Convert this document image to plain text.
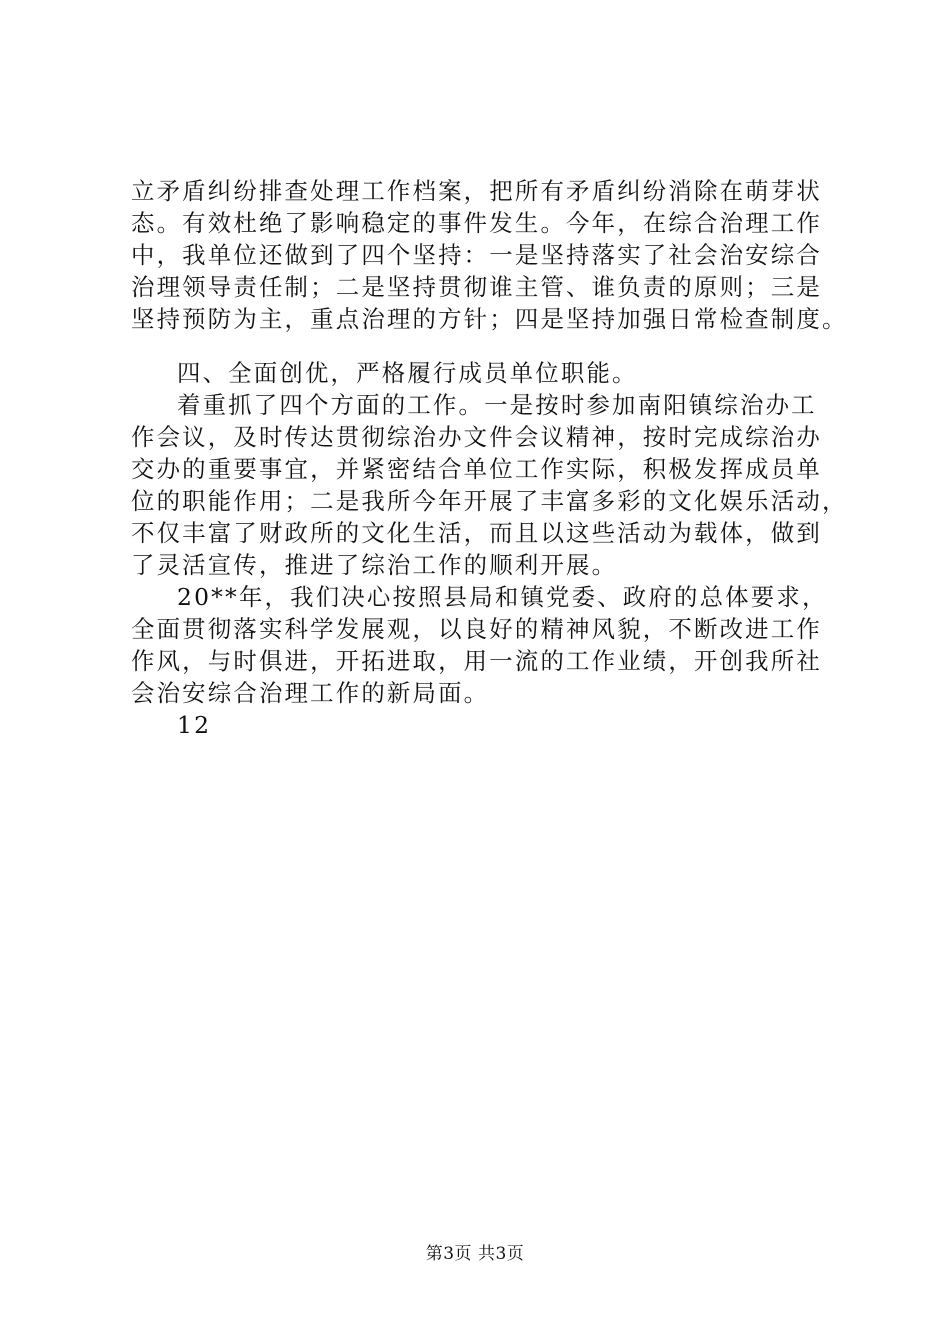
立矛盾纠纷排查处理工作档案，把所有矛盾纠纷消除在萌芽状
态。有效杜绝了影响稳定的事件发生。今年，在综合治理工作
中，我单位还做到了四个坚持：一是坚持落实了社会治安综合
治理领导责任制；二是坚持贯彻谁主管、谁负责的原则；三是
坚持预防为主，重点治理的方针；四是坚持加强日常检查制度。
四、全面创优，严格履行成员单位职能。
着重抓了四个方面的工作。一是按时参加南阳镇综治办工
作会议，及时传达贯彻综治办文件会议精神，按时完成综治办
交办的重要事宜，并紧密结合单位工作实际，积极发挥成员单
位的职能作用；二是我所今年开展了丰富多彩的文化娱乐活动，
不仅丰富了财政所的文化生活，而且以这些活动为载体，做到
了灵活宣传，推进了综治工作的顺利开展。
20**年，我们决心按照县局和镇党委、政府的总体要求，
全面贯彻落实科学发展观，以良好的精神风貌，不断改进工作
作风，与时俱进，开拓进取，用一流的工作业绩，开创我所社
会治安综合治理工作的新局面。
12
第3页 共3页
